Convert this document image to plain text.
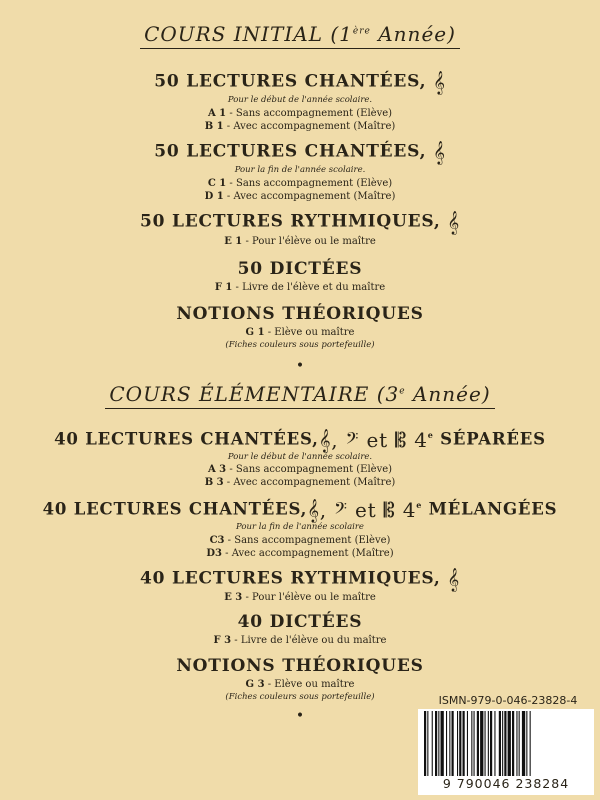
COURS INITIAL (1ère Année)
50 LECTURES CHANTÉES, 𝄞
Pour le début de l'année scolaire.
A 1 - Sans accompagnement (Elève)
B 1 - Avec accompagnement (Maître)
50 LECTURES CHANTÉES, 𝄞
Pour la fin de l'année scolaire.
C 1 - Sans accompagnement (Elève)
D 1 - Avec accompagnement (Maître)
50 LECTURES RYTHMIQUES, 𝄞
E 1 - Pour l'élève ou le maître
50 DICTÉES
F 1 - Livre de l'élève et du maître
NOTIONS THÉORIQUES
G 1 - Elève ou maître
(Fiches couleurs sous portefeuille)
•
COURS ÉLÉMENTAIRE (3e Année)
40 LECTURES CHANTÉES,𝄞, 𝄢 et 𝄡 4e SÉPARÉES
Pour le début de l'année scolaire.
A 3 - Sans accompagnement (Elève)
B 3 - Avec accompagnement (Maître)
40 LECTURES CHANTÉES,𝄞, 𝄢 et 𝄡 4e MÉLANGÉES
Pour la fin de l'année scolaire
C3 - Sans accompagnement (Elève)
D3 - Avec accompagnement (Maître)
40 LECTURES RYTHMIQUES, 𝄞
E 3 - Pour l'élève ou le maître
40 DICTÉES
F 3 - Livre de l'élève ou du maître
NOTIONS THÉORIQUES
G 3 - Elève ou maître
(Fiches couleurs sous portefeuille)
•
ISMN-979-0-046-23828-4
9 790046 238284
